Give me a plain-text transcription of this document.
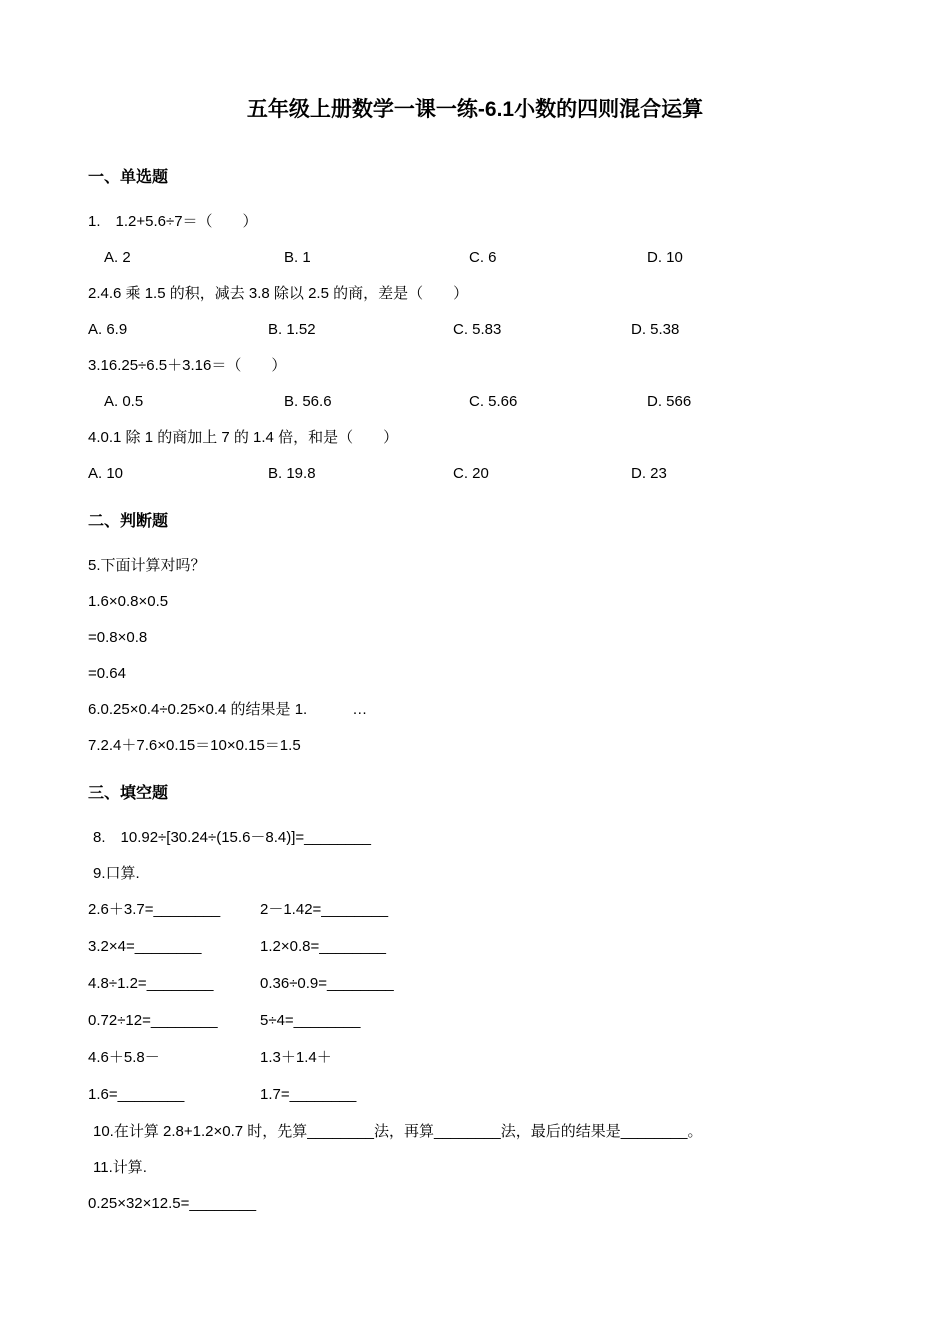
五年级上册数学一课一练-6.1小数的四则混合运算
一、单选题

1.　1.2+5.6÷7＝（　　）

A. 2	B. 1	C. 6	D. 10

2.4.6 乘 1.5 的积，减去 3.8 除以 2.5 的商，差是（　　）

A. 6.9	B. 1.52	C. 5.83	D. 5.38

3.16.25÷6.5＋3.16＝（　　）

A. 0.5	B. 56.6	C. 5.66	D. 566

4.0.1 除 1 的商加上 7 的 1.4 倍，和是（　　）

A. 10	B. 19.8	C. 20	D. 23
二、判断题

5.下面计算对吗？

1.6×0.8×0.5

=0.8×0.8

=0.64

6.0.25×0.4÷0.25×0.4 的结果是 1.　　　…

7.2.4＋7.6×0.15＝10×0.15＝1.5

三、填空题

8.　10.92÷[30.24÷(15.6－8.4)]=________

9.口算.

2.6＋3.7=________	2－1.42=________
3.2×4=________	1.2×0.8=________
4.8÷1.2=________	0.36÷0.9=________
0.72÷12=________	5÷4=________
4.6＋5.8－	1.3＋1.4＋
1.6=________	1.7=________

10.在计算 2.8+1.2×0.7 时，先算________法，再算________法，最后的结果是________。

11.计算.

0.25×32×12.5=________
